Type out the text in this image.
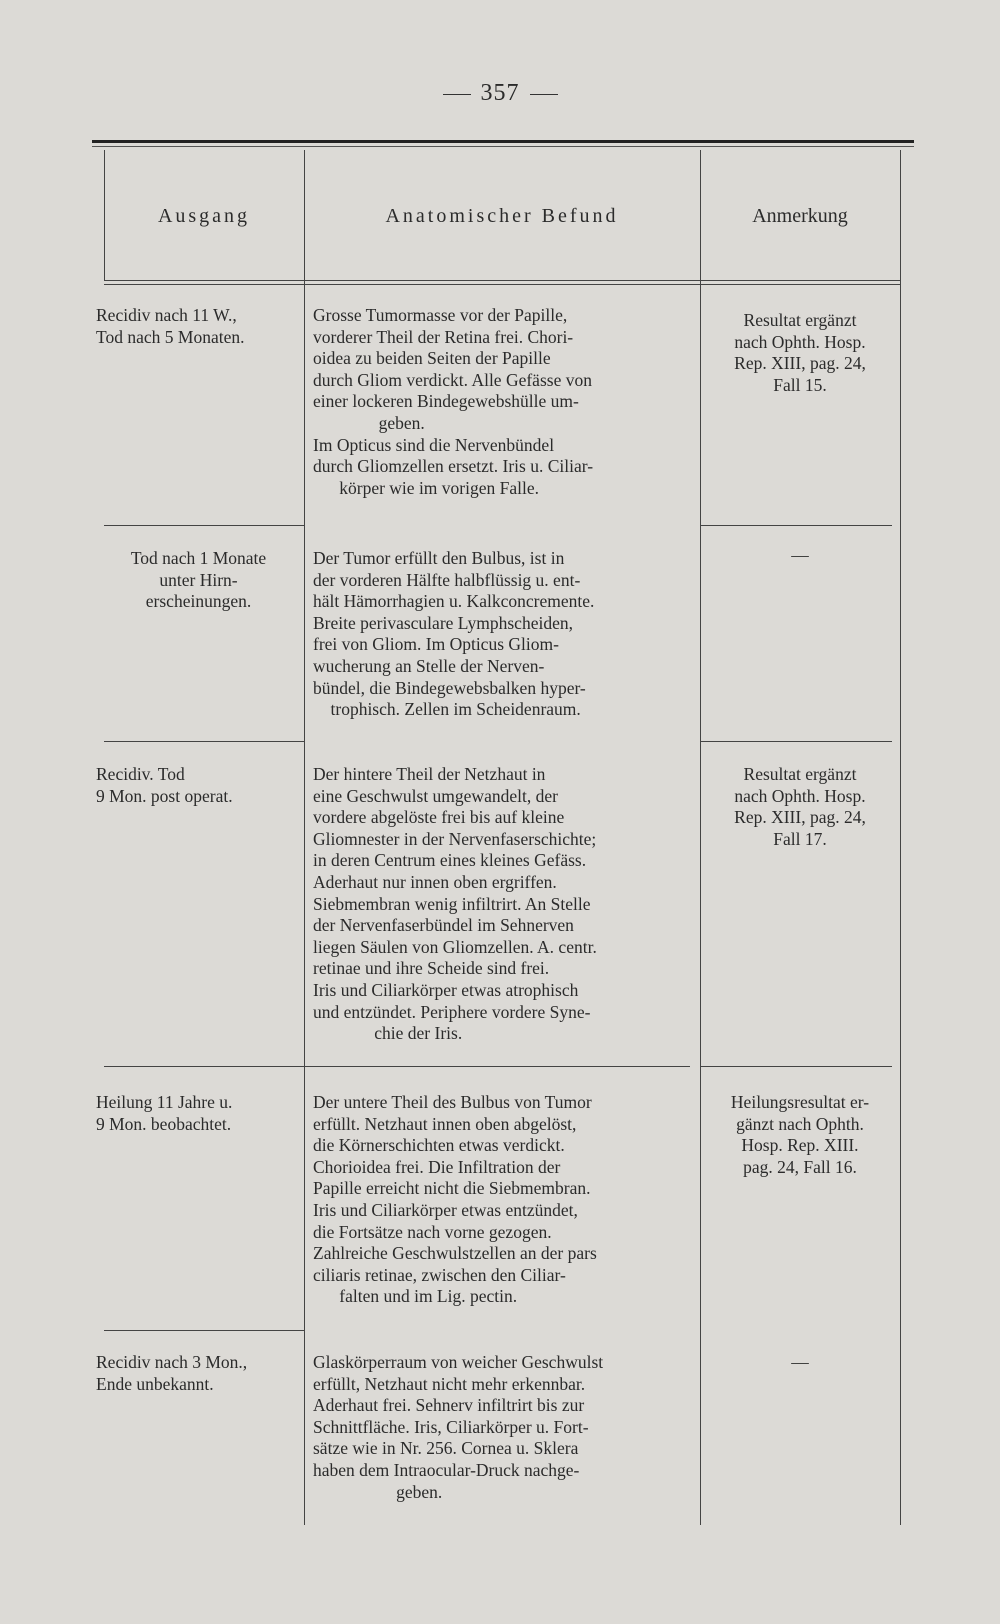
357
Ausgang	Anatomischer Befund	Anmerkung
Recidiv nach 11 W.,
Tod nach 5 Monaten.
Grosse Tumormasse vor der Papille,
vorderer Theil der Retina frei. Chori-
oidea zu beiden Seiten der Papille
durch Gliom verdickt. Alle Gefässe von
einer lockeren Bindegewebshülle um-
geben.
Im Opticus sind die Nervenbündel
durch Gliomzellen ersetzt. Iris u. Ciliar-
körper wie im vorigen Falle.
Resultat ergänzt
nach Ophth. Hosp.
Rep. XIII, pag. 24,
Fall 15.
Tod nach 1 Monate
unter Hirn-
erscheinungen.
Der Tumor erfüllt den Bulbus, ist in
der vorderen Hälfte halbflüssig u. ent-
hält Hämorrhagien u. Kalkconcremente.
Breite perivasculare Lymphscheiden,
frei von Gliom. Im Opticus Gliom-
wucherung an Stelle der Nerven-
bündel, die Bindegewebsbalken hyper-
trophisch. Zellen im Scheidenraum.
—
Recidiv. Tod
9 Mon. post operat.
Der hintere Theil der Netzhaut in
eine Geschwulst umgewandelt, der
vordere abgelöste frei bis auf kleine
Gliomnester in der Nervenfaserschichte;
in deren Centrum eines kleines Gefäss.
Aderhaut nur innen oben ergriffen.
Siebmembran wenig infiltrirt. An Stelle
der Nervenfaserbündel im Sehnerven
liegen Säulen von Gliomzellen. A. centr.
retinae und ihre Scheide sind frei.
Iris und Ciliarkörper etwas atrophisch
und entzündet. Periphere vordere Syne-
chie der Iris.
Resultat ergänzt
nach Ophth. Hosp.
Rep. XIII, pag. 24,
Fall 17.
Heilung 11 Jahre u.
9 Mon. beobachtet.
Der untere Theil des Bulbus von Tumor
erfüllt. Netzhaut innen oben abgelöst,
die Körnerschichten etwas verdickt.
Chorioidea frei. Die Infiltration der
Papille erreicht nicht die Siebmembran.
Iris und Ciliarkörper etwas entzündet,
die Fortsätze nach vorne gezogen.
Zahlreiche Geschwulstzellen an der pars
ciliaris retinae, zwischen den Ciliar-
falten und im Lig. pectin.
Heilungsresultat er-
gänzt nach Ophth.
Hosp. Rep. XIII.
pag. 24, Fall 16.
Recidiv nach 3 Mon.,
Ende unbekannt.
Glaskörperraum von weicher Geschwulst
erfüllt, Netzhaut nicht mehr erkennbar.
Aderhaut frei. Sehnerv infiltrirt bis zur
Schnittfläche. Iris, Ciliarkörper u. Fort-
sätze wie in Nr. 256. Cornea u. Sklera
haben dem Intraocular-Druck nachge-
geben.
—
